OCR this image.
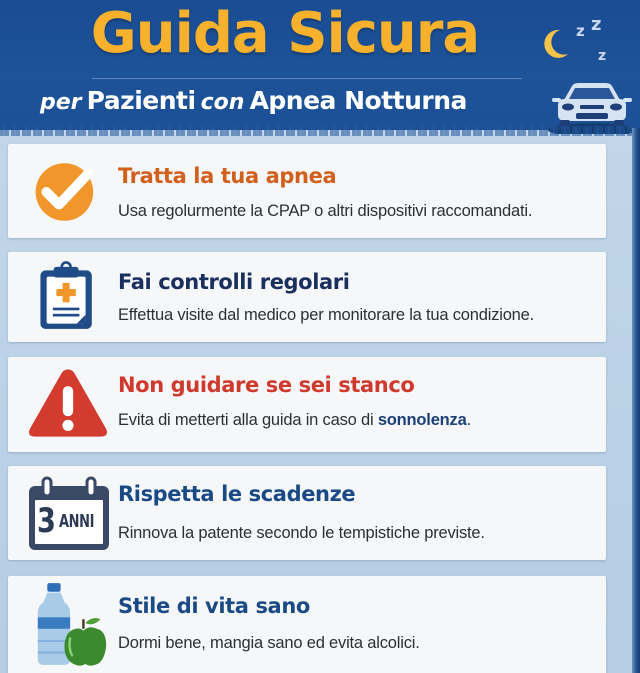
Guida Sicura
per Pazienti con Apnea Notturna
z z
z
Tratta la tua apnea
Usa regolurmente la CPAP o altri dispositivi raccomandati.
Fai controlli regolari
Effettua visite dal medico per monitorare la tua condizione.
Non guidare se sei stanco
Evita di metterti alla guida in caso di sonnolenza.
3 ANNI
Rispetta le scadenze
Rinnova la patente secondo le tempistiche previste.
Stile di vita sano
Dormi bene, mangia sano ed evita alcolici.
